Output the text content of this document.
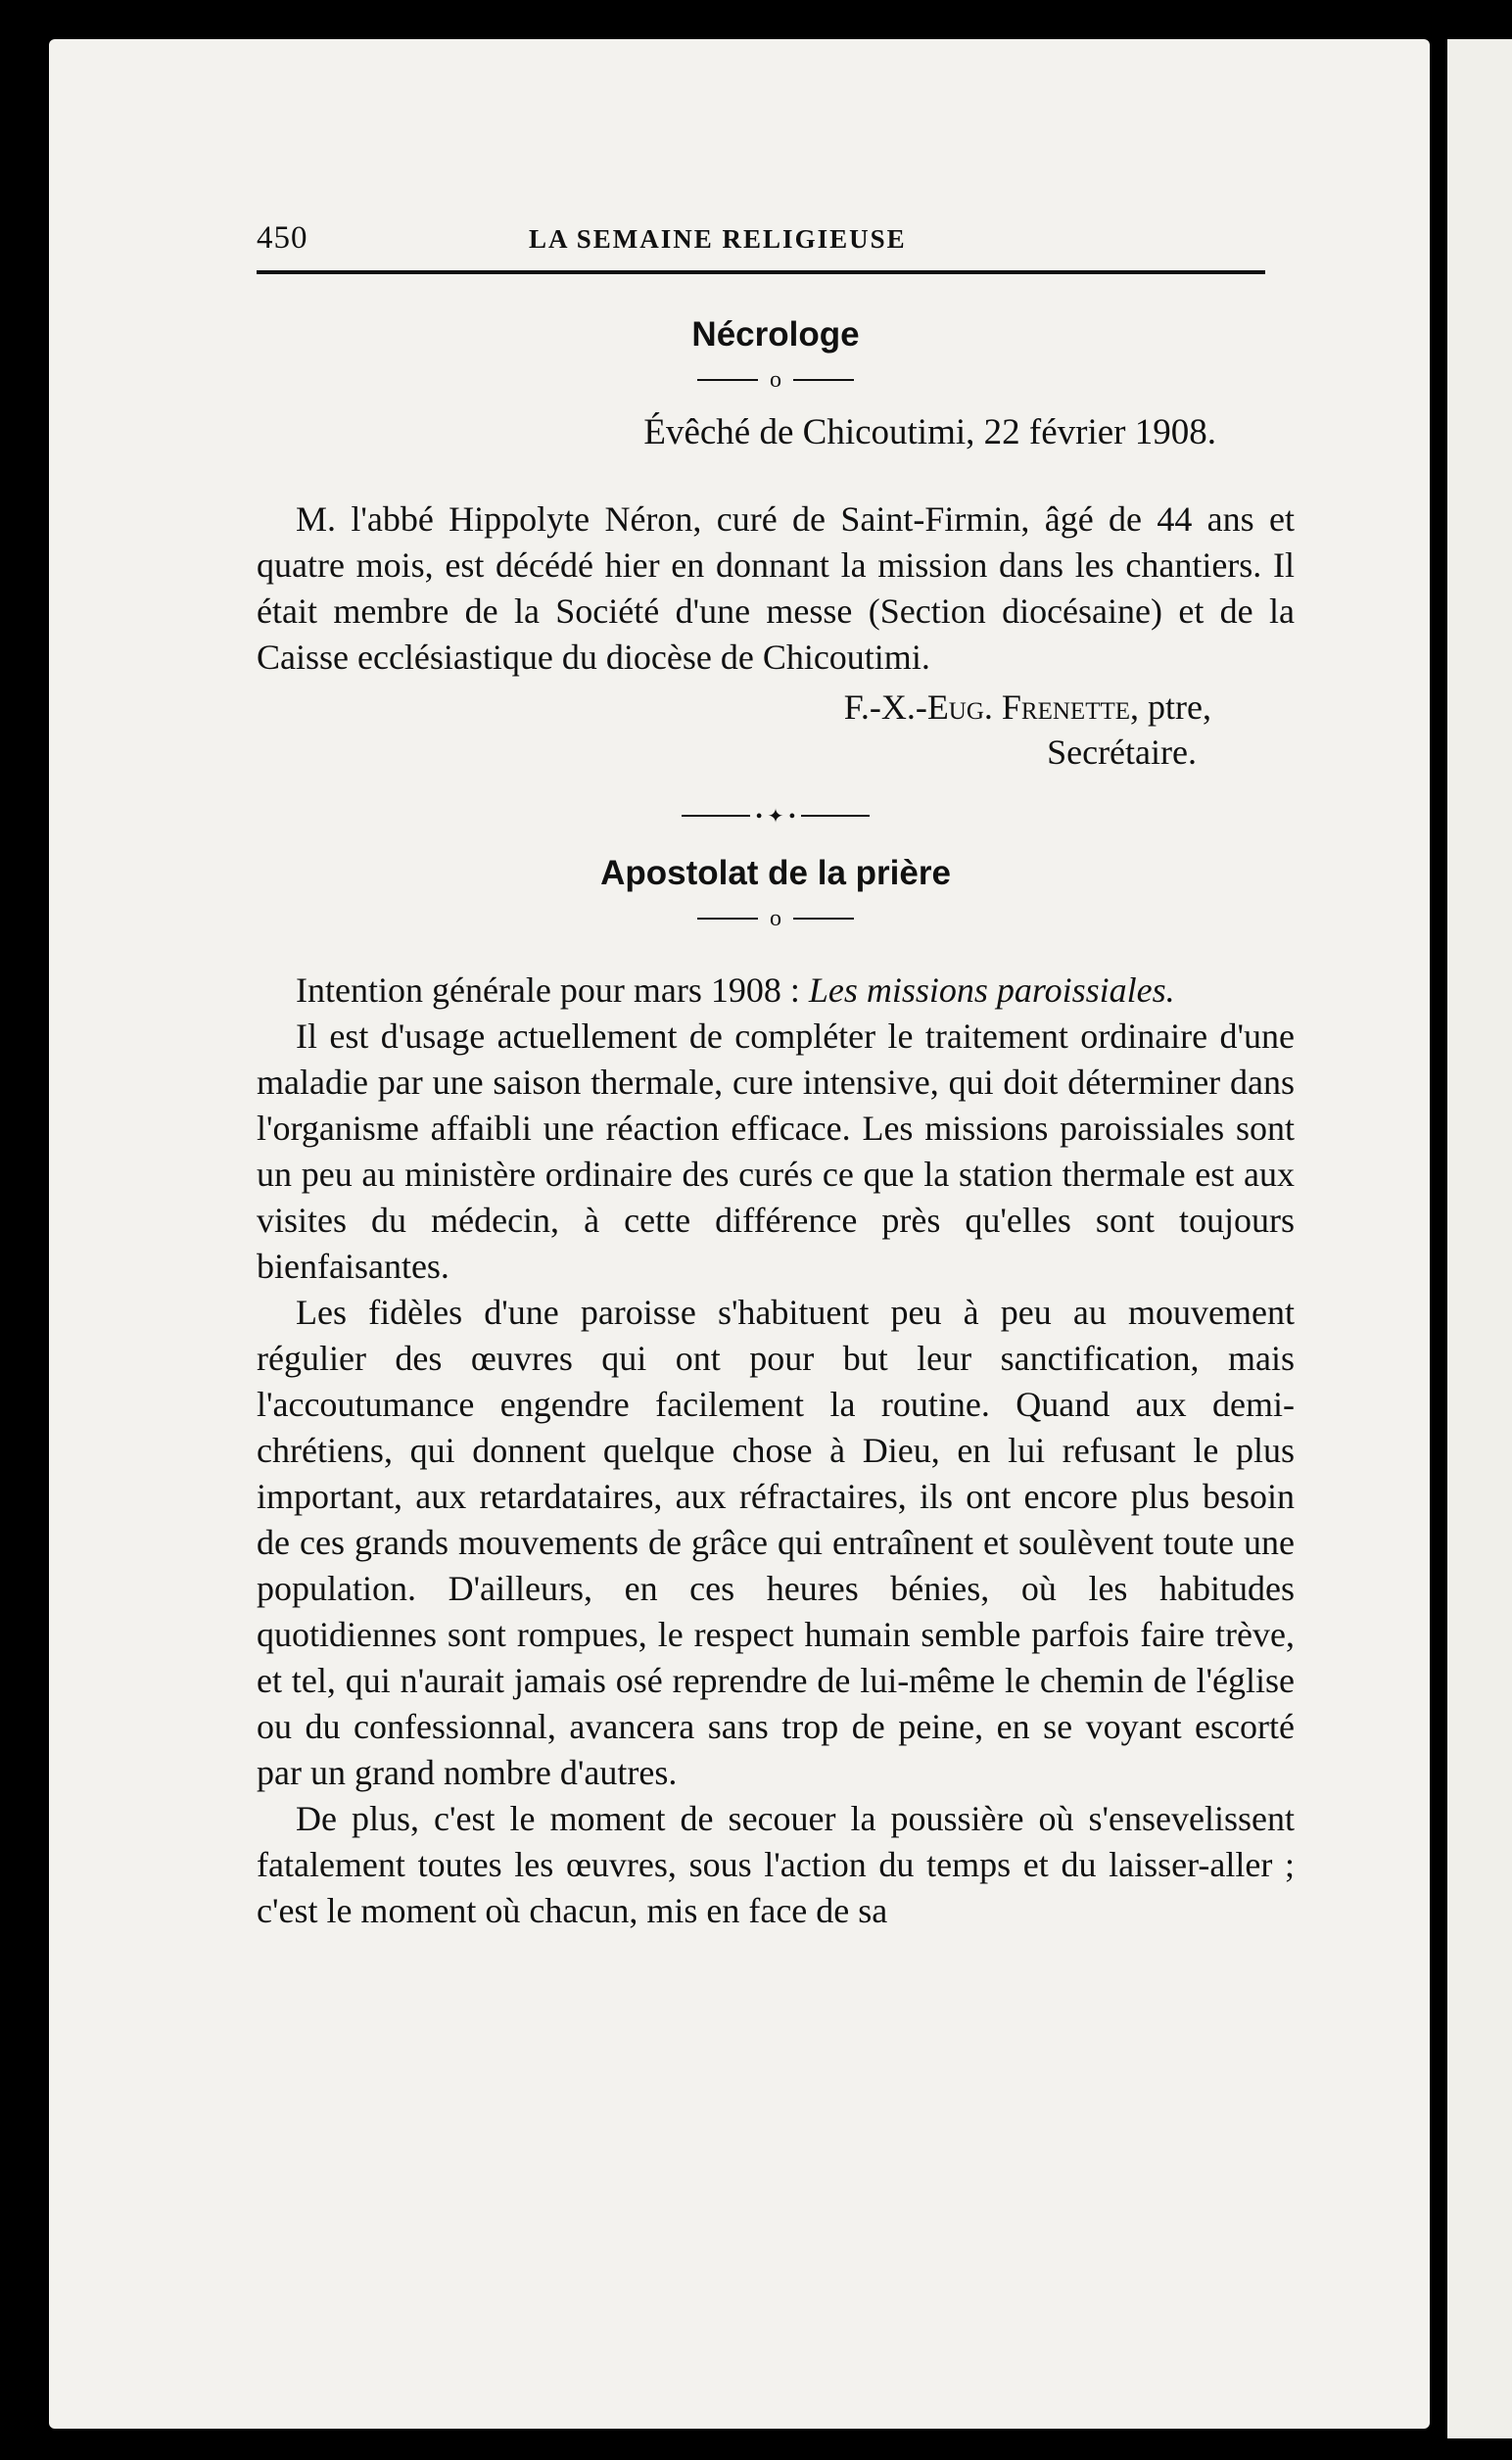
450	LA SEMAINE RELIGIEUSE
Nécrologe
o
Évêché de Chicoutimi, 22 février 1908.

M. l'abbé Hippolyte Néron, curé de Saint-Firmin, âgé de 44 ans et quatre mois, est décédé hier en donnant la mission dans les chantiers. Il était membre de la Société d'une messe (Section diocésaine) et de la Caisse ecclésiastique du diocèse de Chicoutimi.

F.-X.-Eug. Frenette, ptre,
Secrétaire.
• ✦ •
Apostolat de la prière
o

Intention générale pour mars 1908 : Les missions paroissiales.

Il est d'usage actuellement de compléter le traitement ordinaire d'une maladie par une saison thermale, cure intensive, qui doit déterminer dans l'organisme affaibli une réaction efficace. Les missions paroissiales sont un peu au ministère ordinaire des curés ce que la station thermale est aux visites du médecin, à cette différence près qu'elles sont toujours bienfaisantes.

Les fidèles d'une paroisse s'habituent peu à peu au mouvement régulier des œuvres qui ont pour but leur sanctification, mais l'accoutumance engendre facilement la routine. Quand aux demi-chrétiens, qui donnent quelque chose à Dieu, en lui refusant le plus important, aux retardataires, aux réfractaires, ils ont encore plus besoin de ces grands mouvements de grâce qui entraînent et soulèvent toute une population. D'ailleurs, en ces heures bénies, où les habitudes quotidiennes sont rompues, le respect humain semble parfois faire trève, et tel, qui n'aurait jamais osé reprendre de lui-même le chemin de l'église ou du confessionnal, avancera sans trop de peine, en se voyant escorté par un grand nombre d'autres.

De plus, c'est le moment de secouer la poussière où s'ensevelissent fatalement toutes les œuvres, sous l'action du temps et du laisser-aller ; c'est le moment où chacun, mis en face de sa
